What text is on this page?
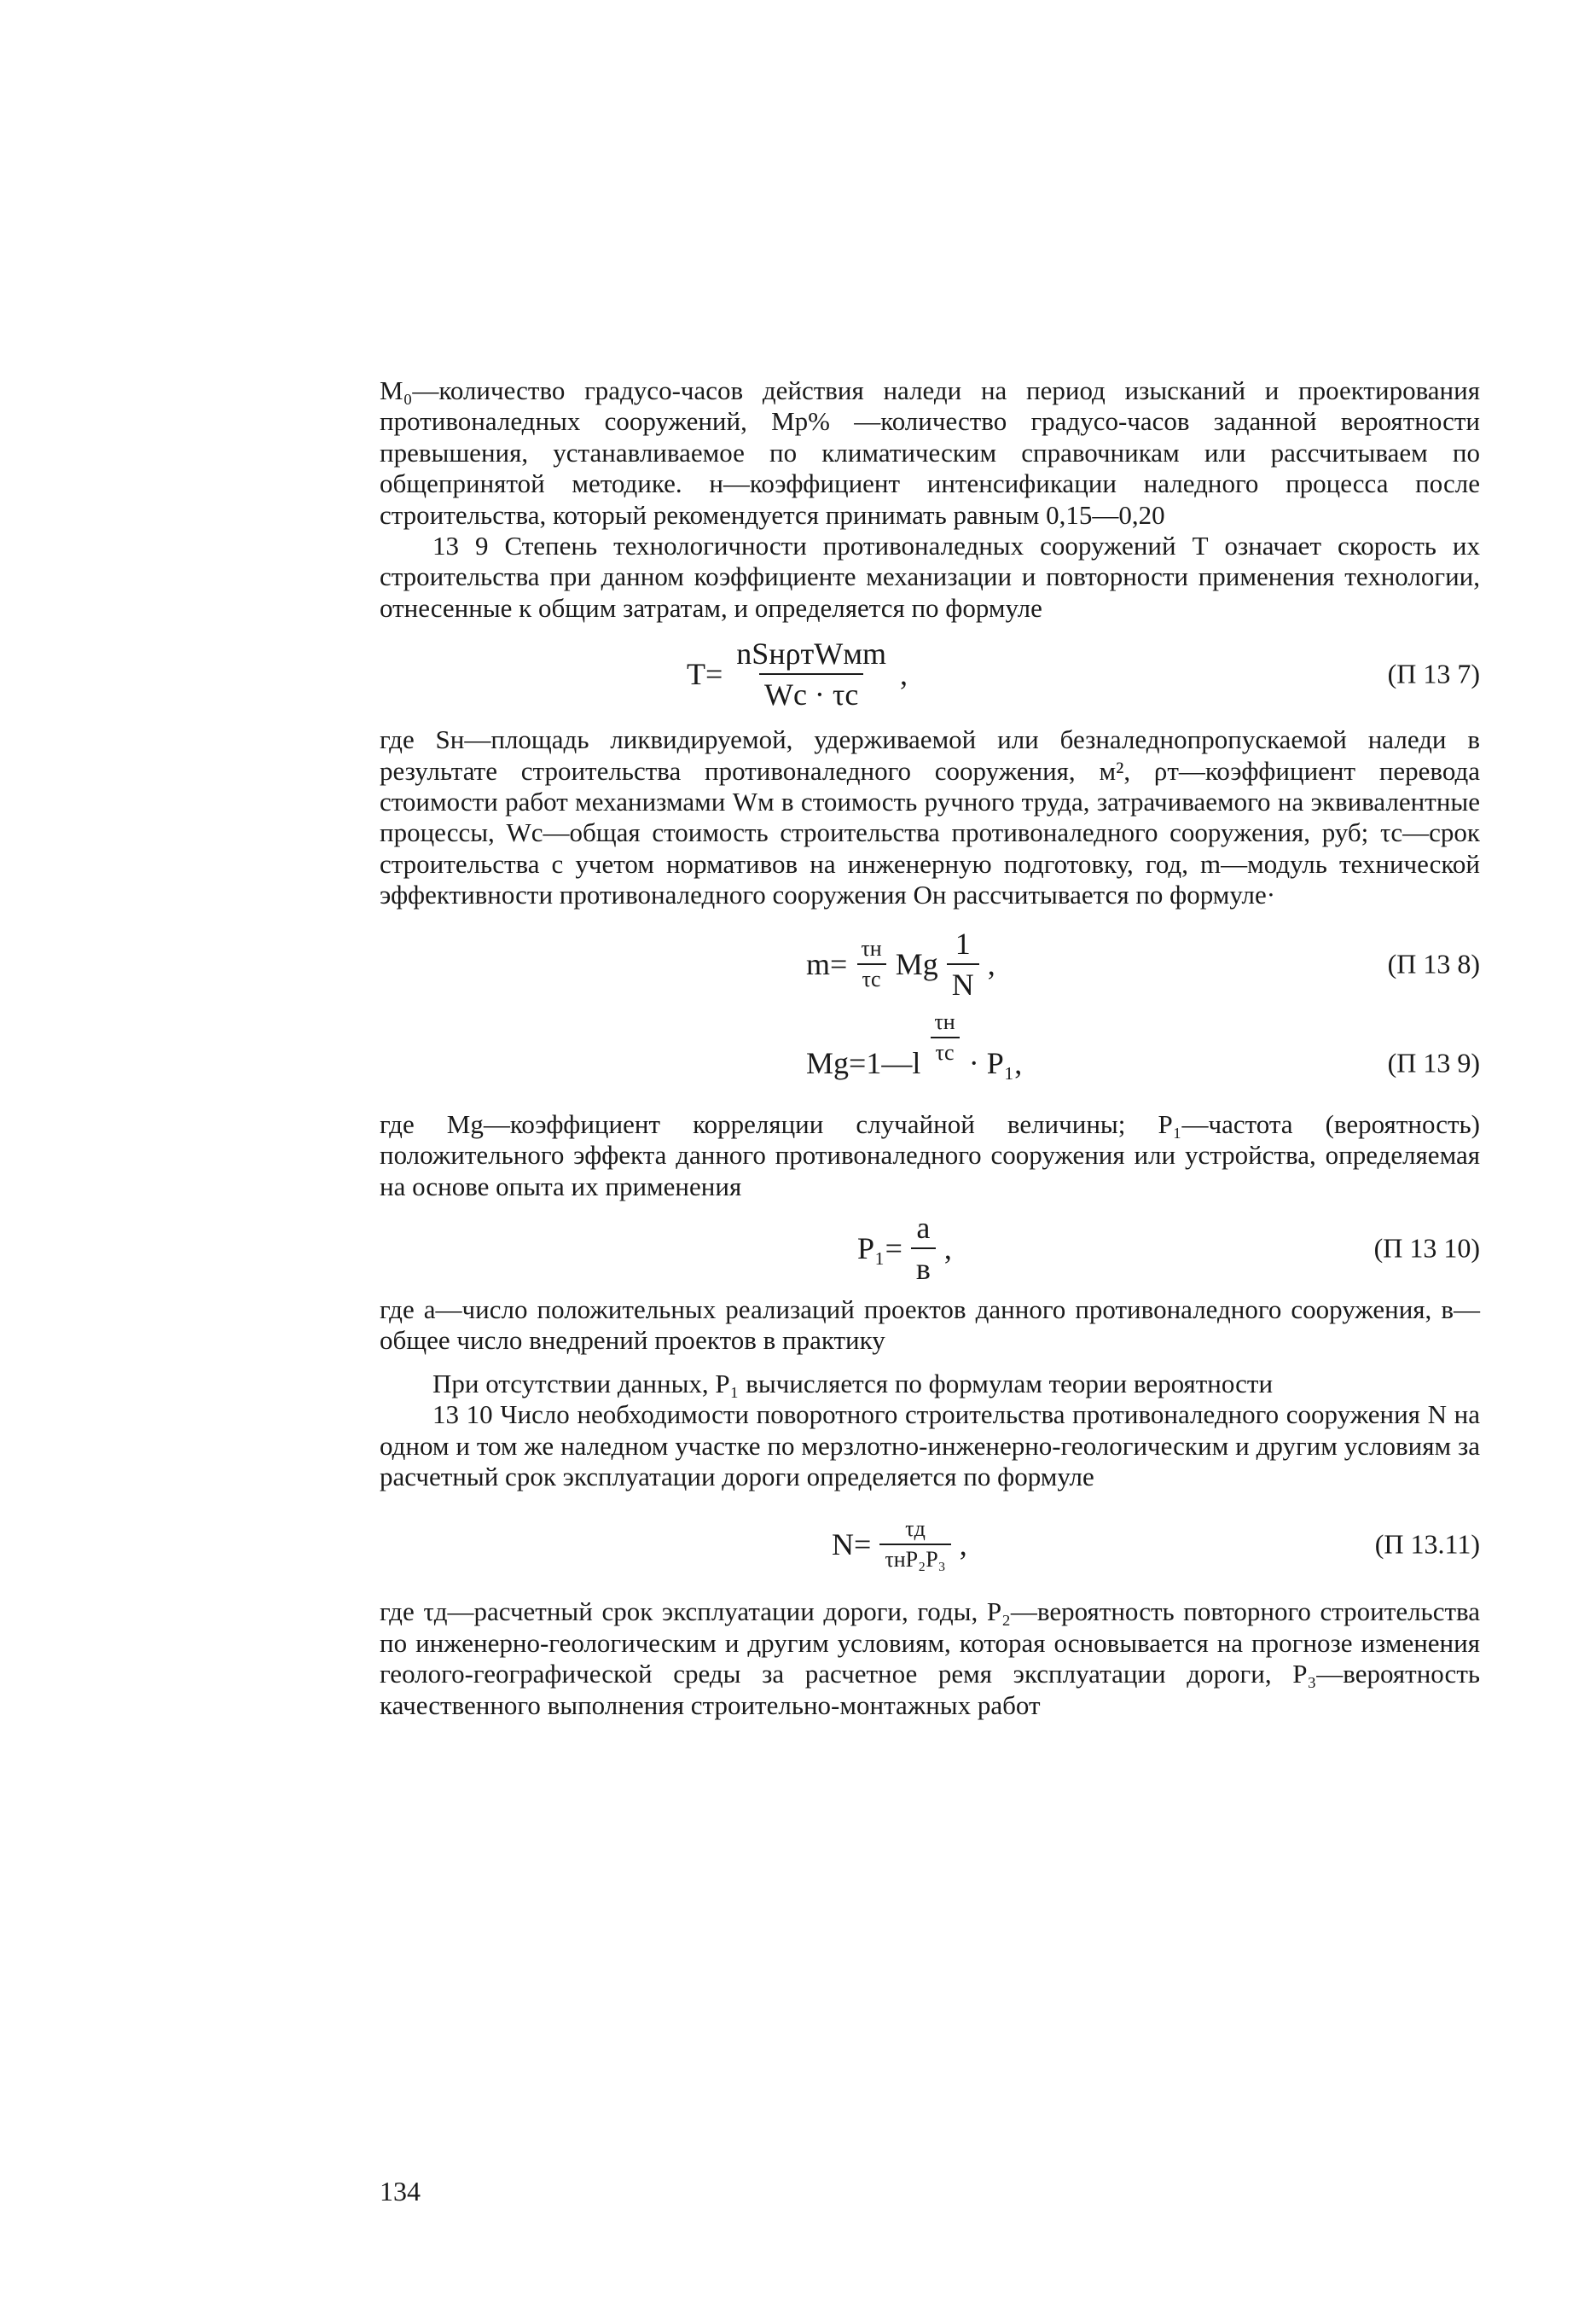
M₀—количество градусо-часов действия наледи на период изысканий и проектирования противоналедных сооружений, Mp% —количество градусо-часов заданной вероятности превышения, устанавливаемое по климатическим справочникам или рассчитываем по общепринятой методике. н—коэффициент интенсификации наледного процесса после строительства, который рекомендуется принимать равным 0,15—0,20

13 9 Степень технологичности противоналедных сооружений Т означает скорость их строительства при данном коэффициенте механизации и повторности применения технологии, отнесенные к общим затратам, и определяется по формуле

$T= \frac{\text{nSнρтWмm}}{Wс \cdot \tau с}$ ,	(П 13 7)

где Sн—площадь ликвидируемой, удерживаемой или безналеднопропускаемой наледи в результате строительства противоналедного сооружения, м², ρт—коэффициент перевода стоимости работ механизмами Wм в стоимость ручного труда, затрачиваемого на эквивалентные процессы, Wс—общая стоимость строительства противоналедного сооружения, руб; τс—срок строительства с учетом нормативов на инженерную подготовку, год, m—модуль технической эффективности противоналедного сооружения Он рассчитывается по формуле·

$m= \frac{\tau н}{\tau с}$ Mg $\frac{1}{N}$ ,	(П 13 8)
Mg=1—l $\frac{\tau н}{\tau с} \cdot P_1$,	(П 13 9)

где Mg—коэффициент корреляции случайной величины; P₁—частота (вероятность) положительного эффекта данного противоналедного сооружения или устройства, определяемая на основе опыта их применения

$P_1= \frac{а}{в}$ ,	(П 13 10)

где а—число положительных реализаций проектов данного противоналедного сооружения, в—общее число внедрений проектов в практику

При отсутствии данных, P₁ вычисляется по формулам теории вероятности

13 10 Число необходимости поворотного строительства противоналедного сооружения N на одном и том же наледном участке по мерзлотно-инженерно-геологическим и другим условиям за расчетный срок эксплуатации дороги определяется по формуле

$N= \frac{\tau д}{\text{τнP₂P₃}}$ ,	(П 13.11)

где τд—расчетный срок эксплуатации дороги, годы, P₂—вероятность повторного строительства по инженерно-геологическим и другим условиям, которая основывается на прогнозе изменения геолого-географической среды за расчетное ремя эксплуатации дороги, P₃—вероятность качественного выполнения строительно-монтажных работ

134
